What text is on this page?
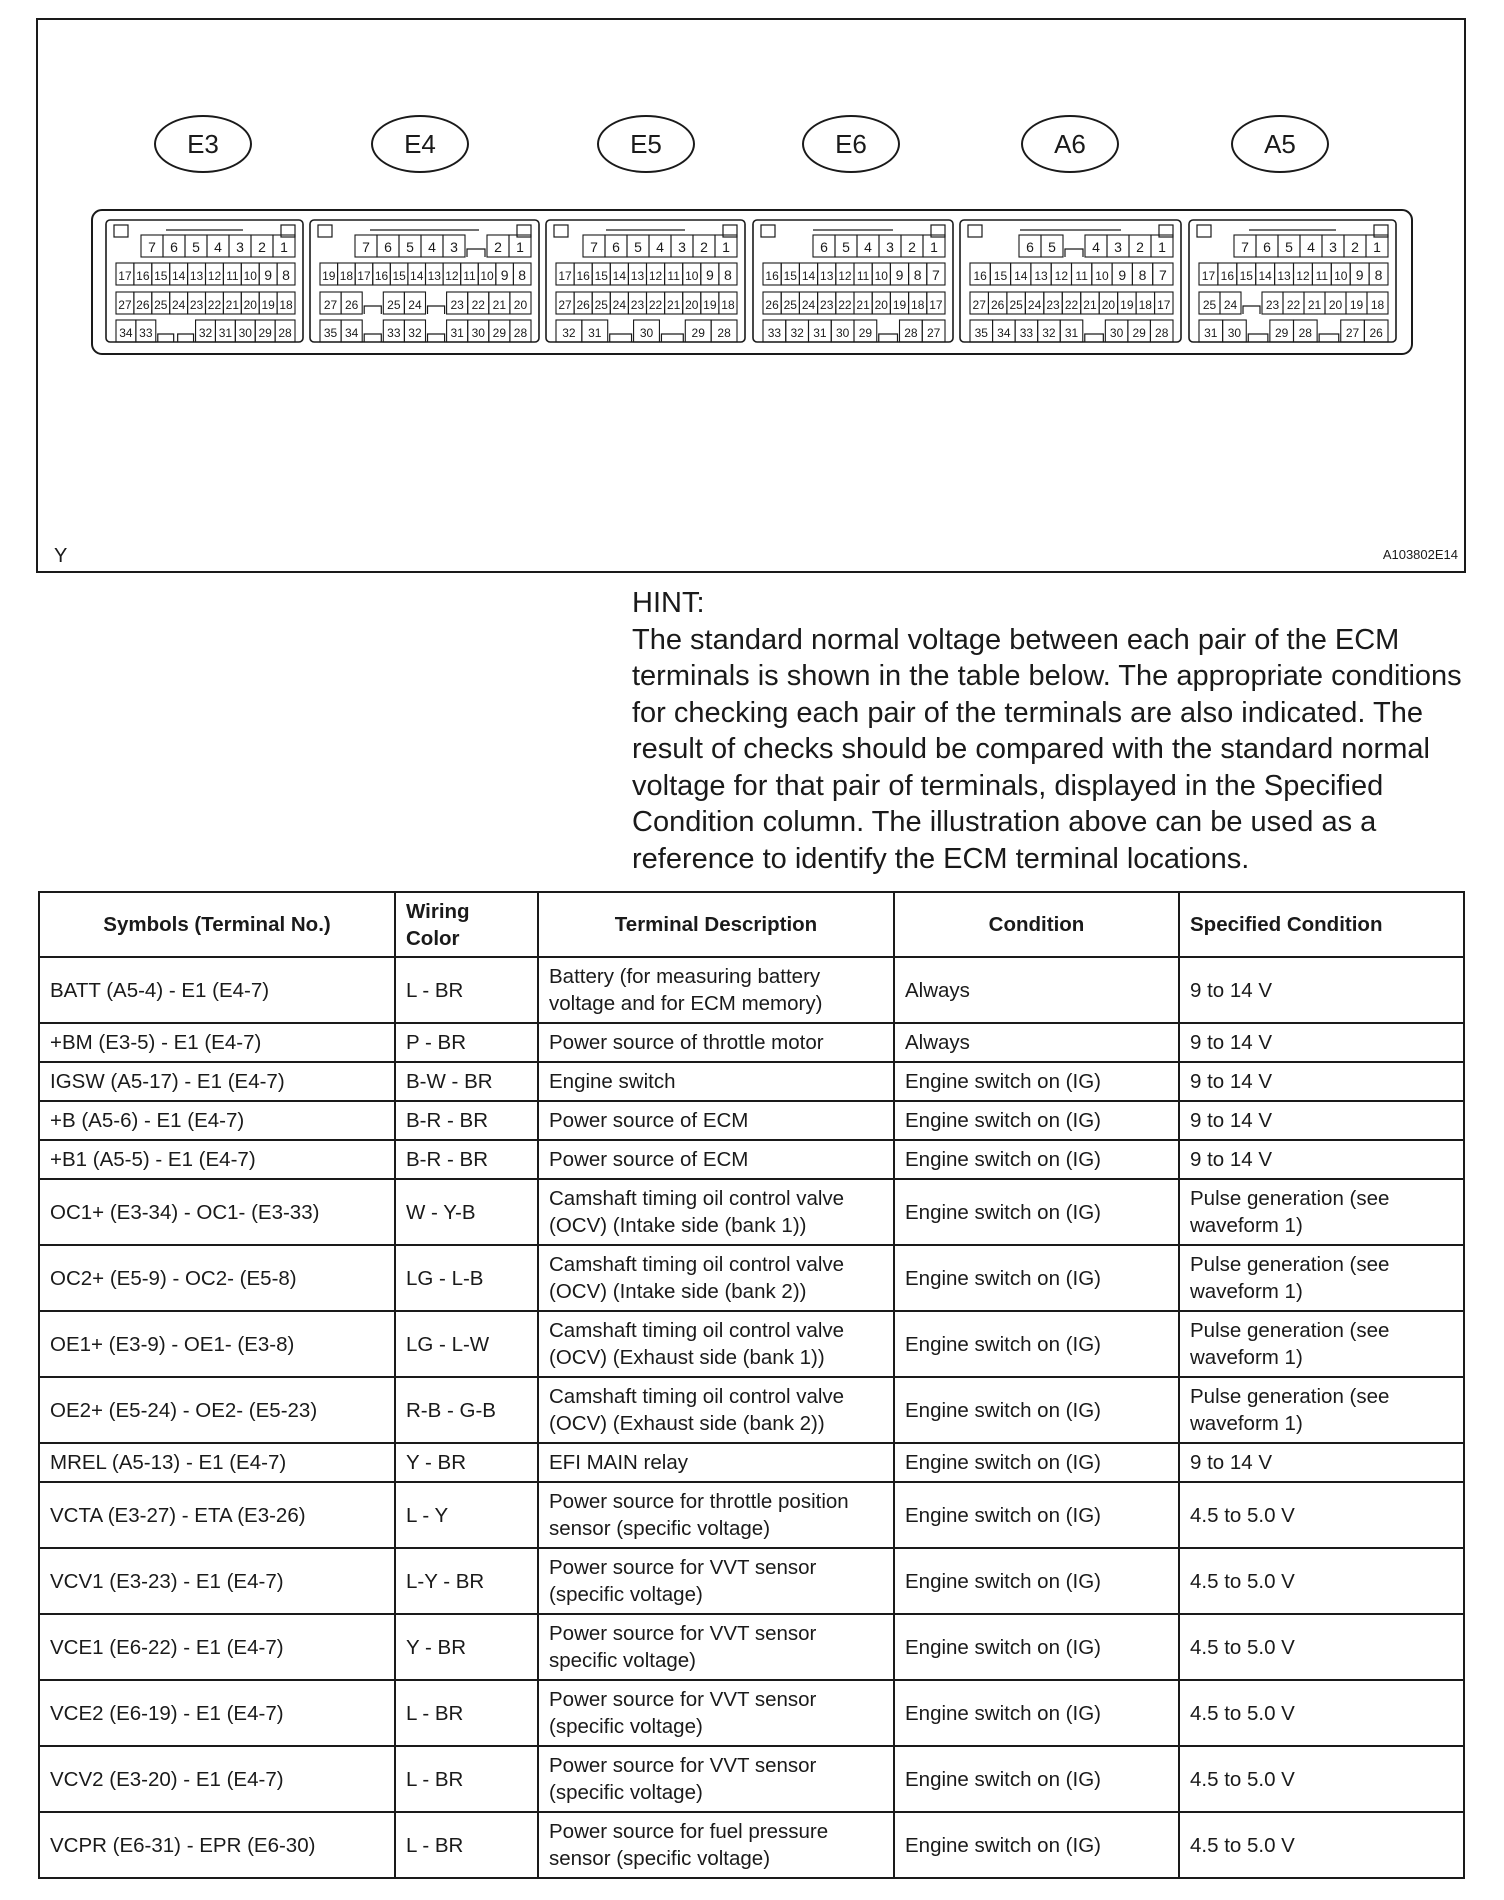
E3	E4	E5	E6	A6	A5
7 6 5 4 3 2 1
17 16 15 14 13 12 11 10 9 8
27 26 25 24 23 22 21 20 19 18
34 33	32 31 30 29 28
7 6 5 4 3	2 1
19 18 17 16 15 14 13 12 11 10 9 8
27 26 25 24 23 22 21 20
35 34 33 32 31 30 29 28
7 6 5 4 3 2 1
17 16 15 14 13 12 11 10 9 8
27 26 25 24 23 22 21 20 19 18
32 31	30	29 28
6 5 4 3 2 1
16 15 14 13 12 11 10 9 8 7
26 25 24 23 22 21 20 19 18 17
33 32 31 30 29	28 27
6 5	4 3 2 1
16 15 14 13 12 11 10 9 8 7
27 26 25 24 23 22 21 20 19 18 17
35 34 33 32 31	30 29 28
7 6 5 4 3 2 1
17 16 15 14 13 12 11 10 9 8
25 24 23 22 21 20 19 18
31 30	29 28	27 26
Y	A103802E14

HINT:

The standard normal voltage between each pair of the ECM terminals is shown in the table below. The appropriate conditions for checking each pair of the terminals are also indicated. The result of checks should be compared with the standard normal voltage for that pair of terminals, displayed in the Specified Condition column. The illustration above can be used as a reference to identify the ECM terminal locations.

Symbols (Terminal No.)	Wiring Color	Terminal Description	Condition	Specified Condition
BATT (A5-4) - E1 (E4-7)	L - BR	Battery (for measuring battery voltage and for ECM memory)	Always	9 to 14 V
+BM (E3-5) - E1 (E4-7)	P - BR	Power source of throttle motor	Always	9 to 14 V
IGSW (A5-17) - E1 (E4-7)	B-W - BR	Engine switch	Engine switch on (IG)	9 to 14 V
+B (A5-6) - E1 (E4-7)	B-R - BR	Power source of ECM	Engine switch on (IG)	9 to 14 V
+B1 (A5-5) - E1 (E4-7)	B-R - BR	Power source of ECM	Engine switch on (IG)	9 to 14 V
OC1+ (E3-34) - OC1- (E3-33)	W - Y-B	Camshaft timing oil control valve (OCV) (Intake side (bank 1))	Engine switch on (IG)	Pulse generation (see waveform 1)
OC2+ (E5-9) - OC2- (E5-8)	LG - L-B	Camshaft timing oil control valve (OCV) (Intake side (bank 2))	Engine switch on (IG)	Pulse generation (see waveform 1)
OE1+ (E3-9) - OE1- (E3-8)	LG - L-W	Camshaft timing oil control valve (OCV) (Exhaust side (bank 1))	Engine switch on (IG)	Pulse generation (see waveform 1)
OE2+ (E5-24) - OE2- (E5-23)	R-B - G-B	Camshaft timing oil control valve (OCV) (Exhaust side (bank 2))	Engine switch on (IG)	Pulse generation (see waveform 1)
MREL (A5-13) - E1 (E4-7)	Y - BR	EFI MAIN relay	Engine switch on (IG)	9 to 14 V
VCTA (E3-27) - ETA (E3-26)	L - Y	Power source for throttle position sensor (specific voltage)	Engine switch on (IG)	4.5 to 5.0 V
VCV1 (E3-23) - E1 (E4-7)	L-Y - BR	Power source for VVT sensor (specific voltage)	Engine switch on (IG)	4.5 to 5.0 V
VCE1 (E6-22) - E1 (E4-7)	Y - BR	Power source for VVT sensor specific voltage)	Engine switch on (IG)	4.5 to 5.0 V
VCE2 (E6-19) - E1 (E4-7)	L - BR	Power source for VVT sensor (specific voltage)	Engine switch on (IG)	4.5 to 5.0 V
VCV2 (E3-20) - E1 (E4-7)	L - BR	Power source for VVT sensor (specific voltage)	Engine switch on (IG)	4.5 to 5.0 V
VCPR (E6-31) - EPR (E6-30)	L - BR	Power source for fuel pressure sensor (specific voltage)	Engine switch on (IG)	4.5 to 5.0 V
